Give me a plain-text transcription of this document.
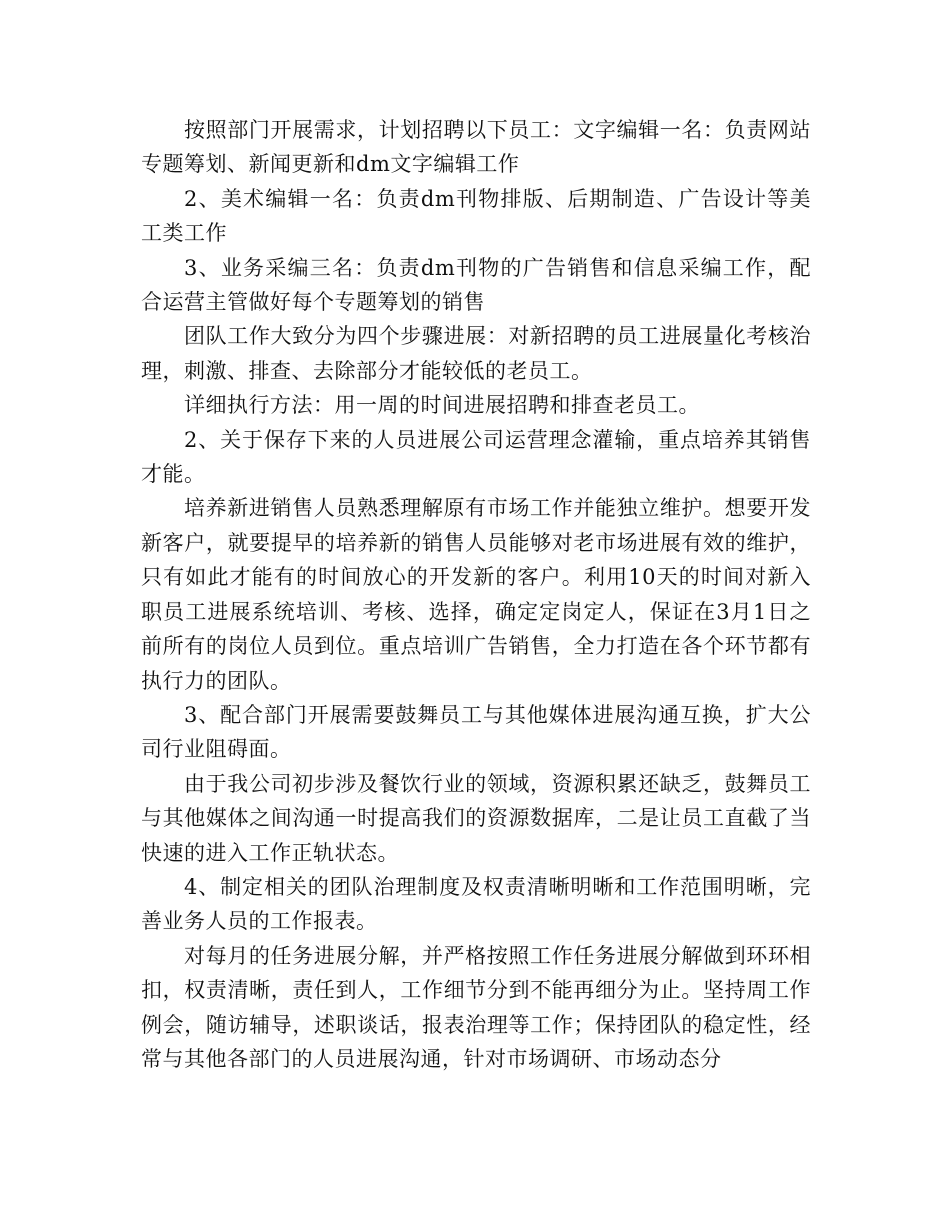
按照部门开展需求，计划招聘以下员工：文字编辑一名：负责网站专题筹划、新闻更新和dm文字编辑工作

2、美术编辑一名：负责dm刊物排版、后期制造、广告设计等美工类工作

3、业务采编三名：负责dm刊物的广告销售和信息采编工作，配合运营主管做好每个专题筹划的销售

团队工作大致分为四个步骤进展：对新招聘的员工进展量化考核治理，刺激、排查、去除部分才能较低的老员工。

详细执行方法：用一周的时间进展招聘和排查老员工。

2、关于保存下来的人员进展公司运营理念灌输，重点培养其销售才能。

培养新进销售人员熟悉理解原有市场工作并能独立维护。想要开发新客户，就要提早的培养新的销售人员能够对老市场进展有效的维护，只有如此才能有的时间放心的开发新的客户。利用10天的时间对新入职员工进展系统培训、考核、选择，确定定岗定人，保证在3月1日之前所有的岗位人员到位。重点培训广告销售，全力打造在各个环节都有执行力的团队。

3、配合部门开展需要鼓舞员工与其他媒体进展沟通互换，扩大公司行业阻碍面。

由于我公司初步涉及餐饮行业的领域，资源积累还缺乏，鼓舞员工与其他媒体之间沟通一时提高我们的资源数据库，二是让员工直截了当快速的进入工作正轨状态。

4、制定相关的团队治理制度及权责清晰明晰和工作范围明晰，完善业务人员的工作报表。

对每月的任务进展分解，并严格按照工作任务进展分解做到环环相扣，权责清晰，责任到人，工作细节分到不能再细分为止。坚持周工作例会，随访辅导，述职谈话，报表治理等工作；保持团队的稳定性，经常与其他各部门的人员进展沟通，针对市场调研、市场动态分
